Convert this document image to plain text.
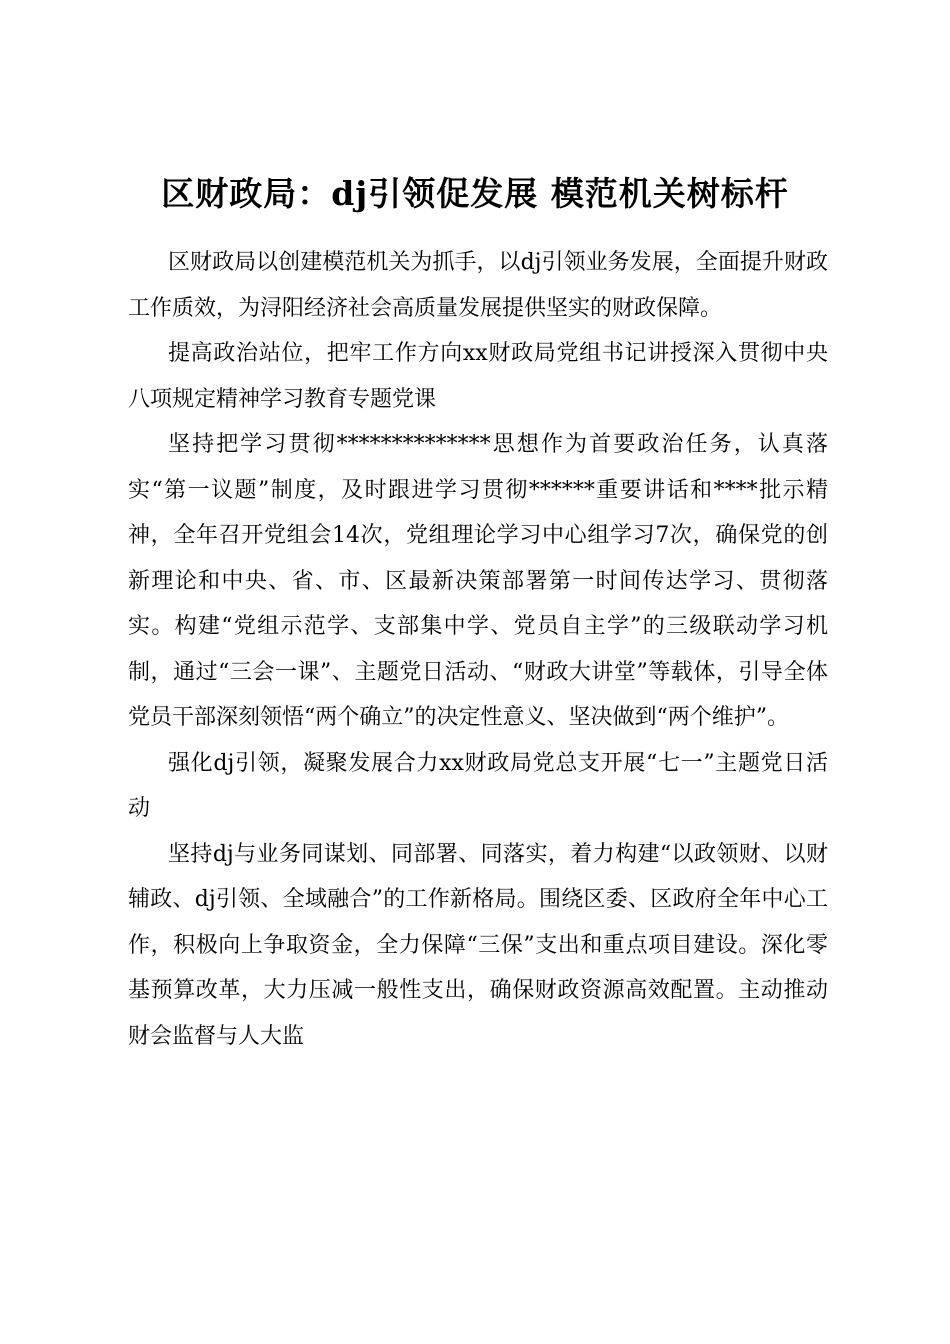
区财政局：dj引领促发展 模范机关树标杆

区财政局以创建模范机关为抓手，以dj引领业务发展，全面提升财政工作质效，为浔阳经济社会高质量发展提供坚实的财政保障。

提高政治站位，把牢工作方向xx财政局党组书记讲授深入贯彻中央八项规定精神学习教育专题党课

坚持把学习贯彻**************思想作为首要政治任务，认真落实“第一议题”制度，及时跟进学习贯彻******重要讲话和****批示精神，全年召开党组会14次，党组理论学习中心组学习7次，确保党的创新理论和中央、省、市、区最新决策部署第一时间传达学习、贯彻落实。构建“党组示范学、支部集中学、党员自主学”的三级联动学习机制，通过“三会一课”、主题党日活动、“财政大讲堂”等载体，引导全体党员干部深刻领悟“两个确立”的决定性意义、坚决做到“两个维护”。

强化dj引领，凝聚发展合力xx财政局党总支开展“七一”主题党日活动

坚持dj与业务同谋划、同部署、同落实，着力构建“以政领财、以财辅政、dj引领、全域融合”的工作新格局。围绕区委、区政府全年中心工作，积极向上争取资金，全力保障“三保”支出和重点项目建设。深化零基预算改革，大力压减一般性支出，确保财政资源高效配置。主动推动财会监督与人大监
